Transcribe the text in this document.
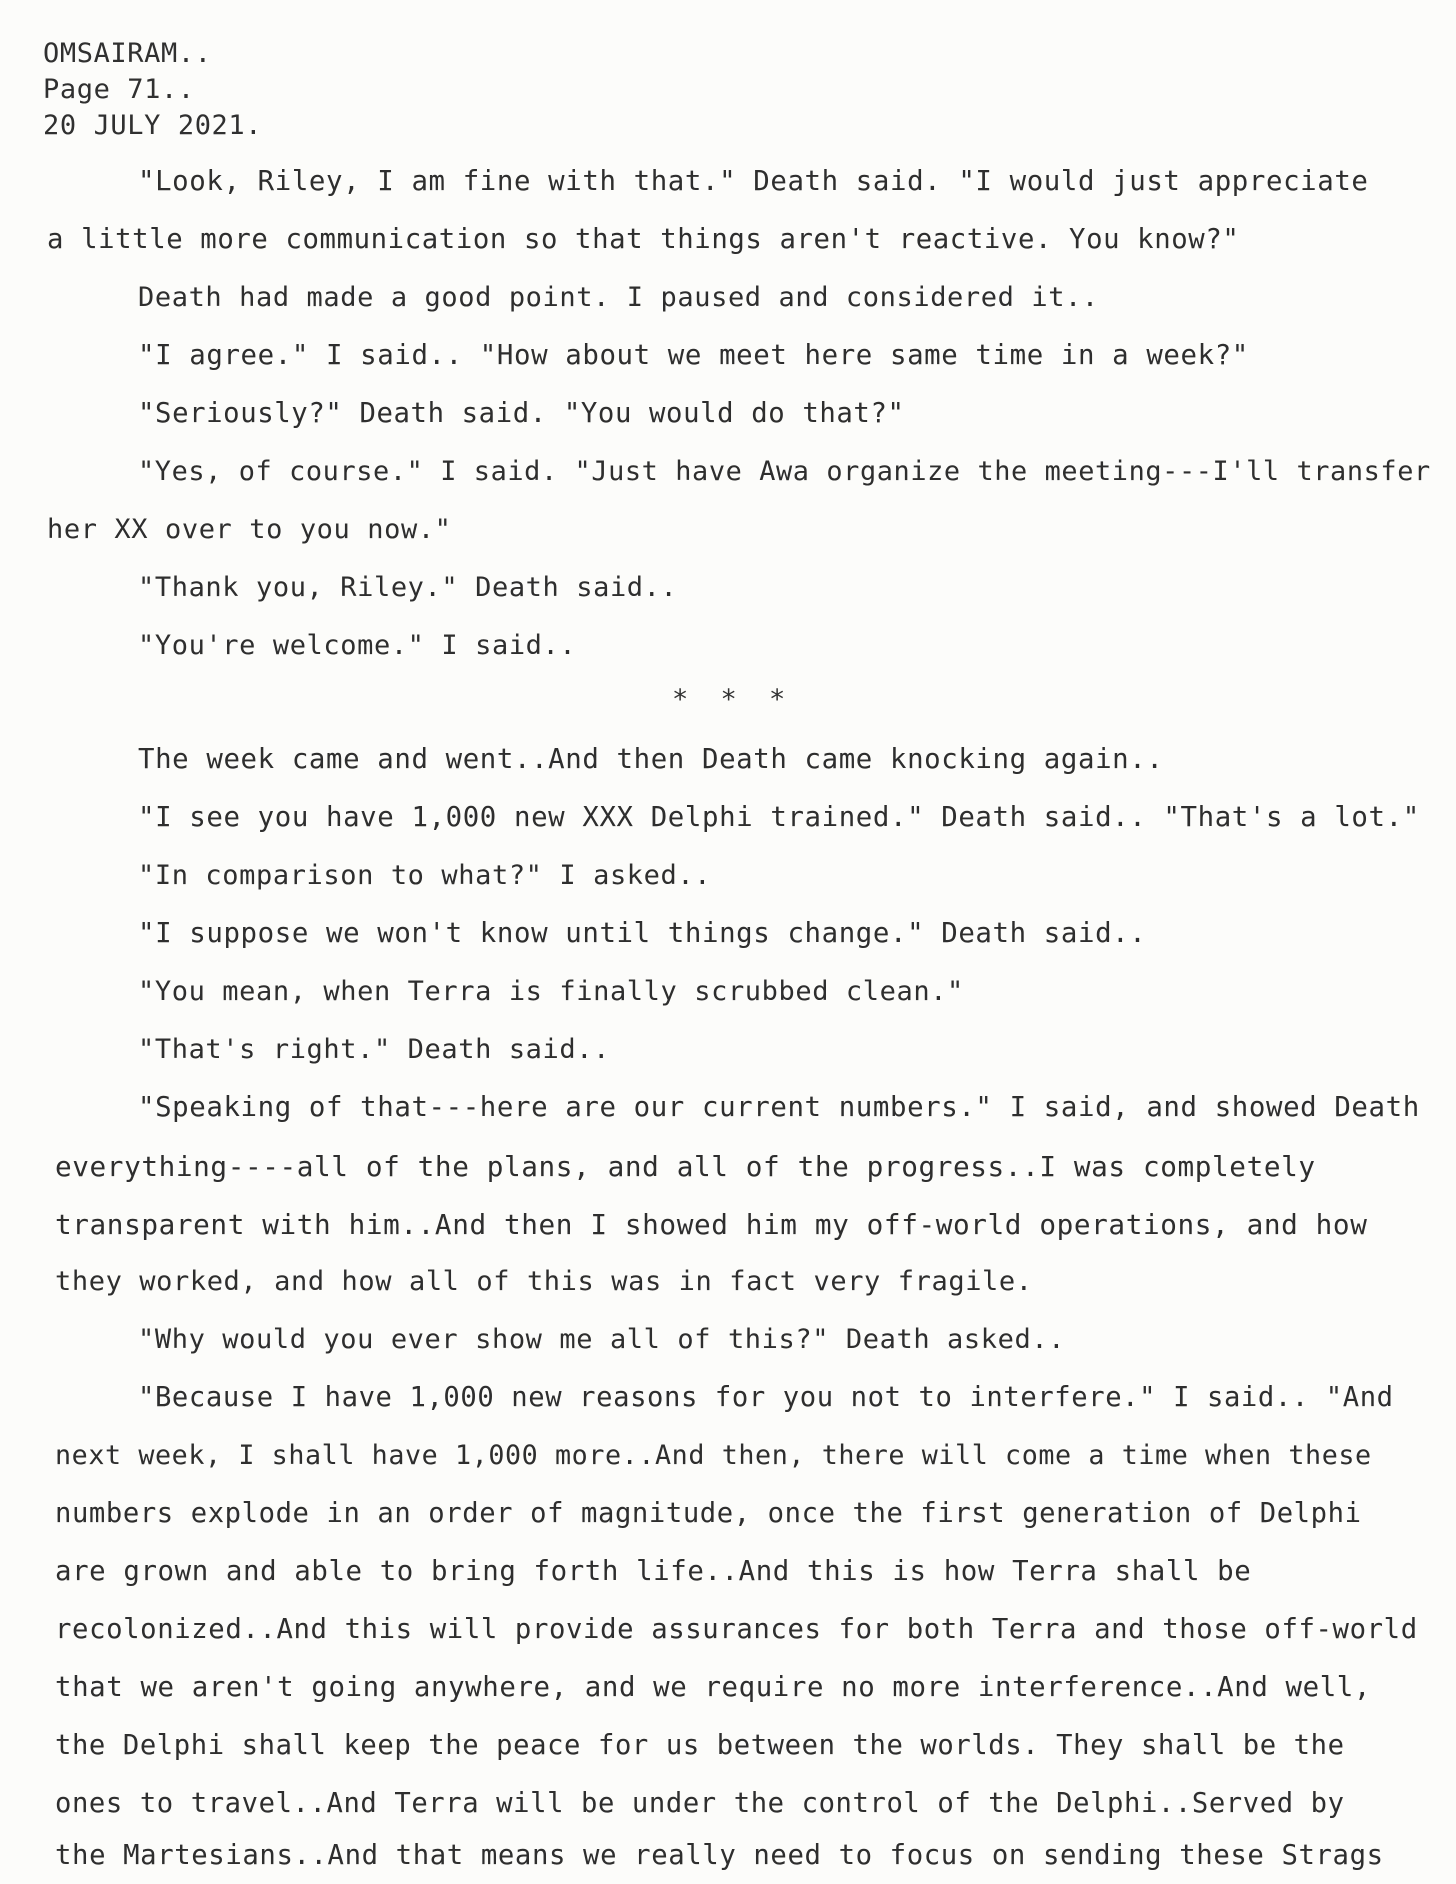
OMSAIRAM..
Page 71..
20 JULY 2021.
"Look, Riley, I am fine with that." Death said. "I would just appreciate
a little more communication so that things aren't reactive. You know?"
Death had made a good point. I paused and considered it..
"I agree." I said.. "How about we meet here same time in a week?"
"Seriously?" Death said. "You would do that?"
"Yes, of course." I said. "Just have Awa organize the meeting---I'll transfer
her XX over to you now."
"Thank you, Riley." Death said..
"You're welcome." I said..
* * *
The week came and went..And then Death came knocking again..
"I see you have 1,000 new XXX Delphi trained." Death said.. "That's a lot."
"In comparison to what?" I asked..
"I suppose we won't know until things change." Death said..
"You mean, when Terra is finally scrubbed clean."
"That's right." Death said..
"Speaking of that---here are our current numbers." I said, and showed Death
everything----all of the plans, and all of the progress..I was completely
transparent with him..And then I showed him my off-world operations, and how
they worked, and how all of this was in fact very fragile.
"Why would you ever show me all of this?" Death asked..
"Because I have 1,000 new reasons for you not to interfere." I said.. "And
next week, I shall have 1,000 more..And then, there will come a time when these
numbers explode in an order of magnitude, once the first generation of Delphi
are grown and able to bring forth life..And this is how Terra shall be
recolonized..And this will provide assurances for both Terra and those off-world
that we aren't going anywhere, and we require no more interference..And well,
the Delphi shall keep the peace for us between the worlds. They shall be the
ones to travel..And Terra will be under the control of the Delphi..Served by
the Martesians..And that means we really need to focus on sending these Strags
